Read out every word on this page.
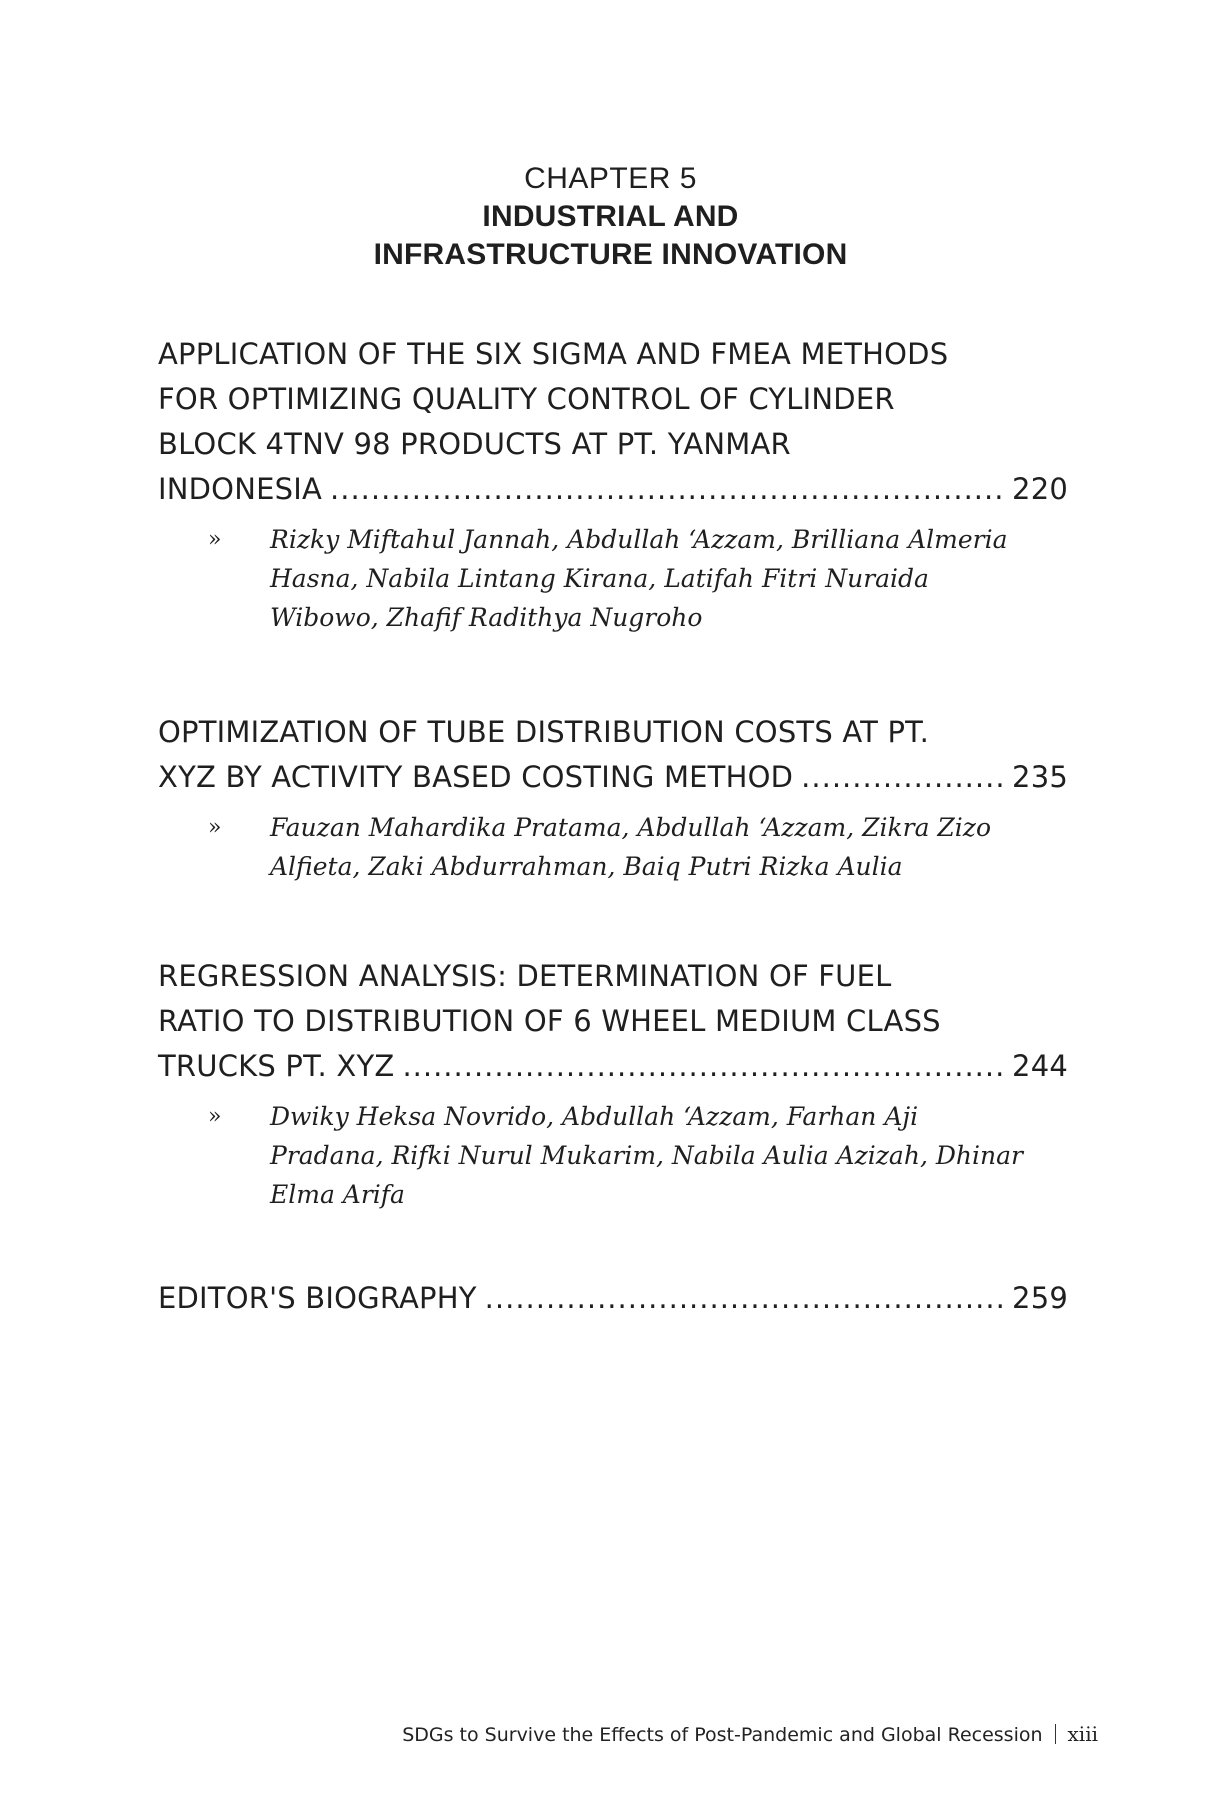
CHAPTER 5
INDUSTRIAL AND
INFRASTRUCTURE INNOVATION
APPLICATION OF THE SIX SIGMA AND FMEA METHODS
FOR OPTIMIZING QUALITY CONTROL OF CYLINDER
BLOCK 4TNV 98 PRODUCTS AT PT. YANMAR
INDONESIA .....	220
» Rizky Miftahul Jannah, Abdullah ‘Azzam, Brilliana Almeria Hasna, Nabila Lintang Kirana, Latifah Fitri Nuraida Wibowo, Zhafif Radithya Nugroho
OPTIMIZATION OF TUBE DISTRIBUTION COSTS AT PT.
XYZ BY ACTIVITY BASED COSTING METHOD .....	235
» Fauzan Mahardika Pratama, Abdullah ‘Azzam, Zikra Zizo Alfieta, Zaki Abdurrahman, Baiq Putri Rizka Aulia
REGRESSION ANALYSIS: DETERMINATION OF FUEL
RATIO TO DISTRIBUTION OF 6 WHEEL MEDIUM CLASS
TRUCKS PT. XYZ .....	244
» Dwiky Heksa Novrido, Abdullah ‘Azzam, Farhan Aji Pradana, Rifki Nurul Mukarim, Nabila Aulia Azizah, Dhinar Elma Arifa
EDITOR'S BIOGRAPHY .....	259
SDGs to Survive the Effects of Post-Pandemic and Global Recession xiii
